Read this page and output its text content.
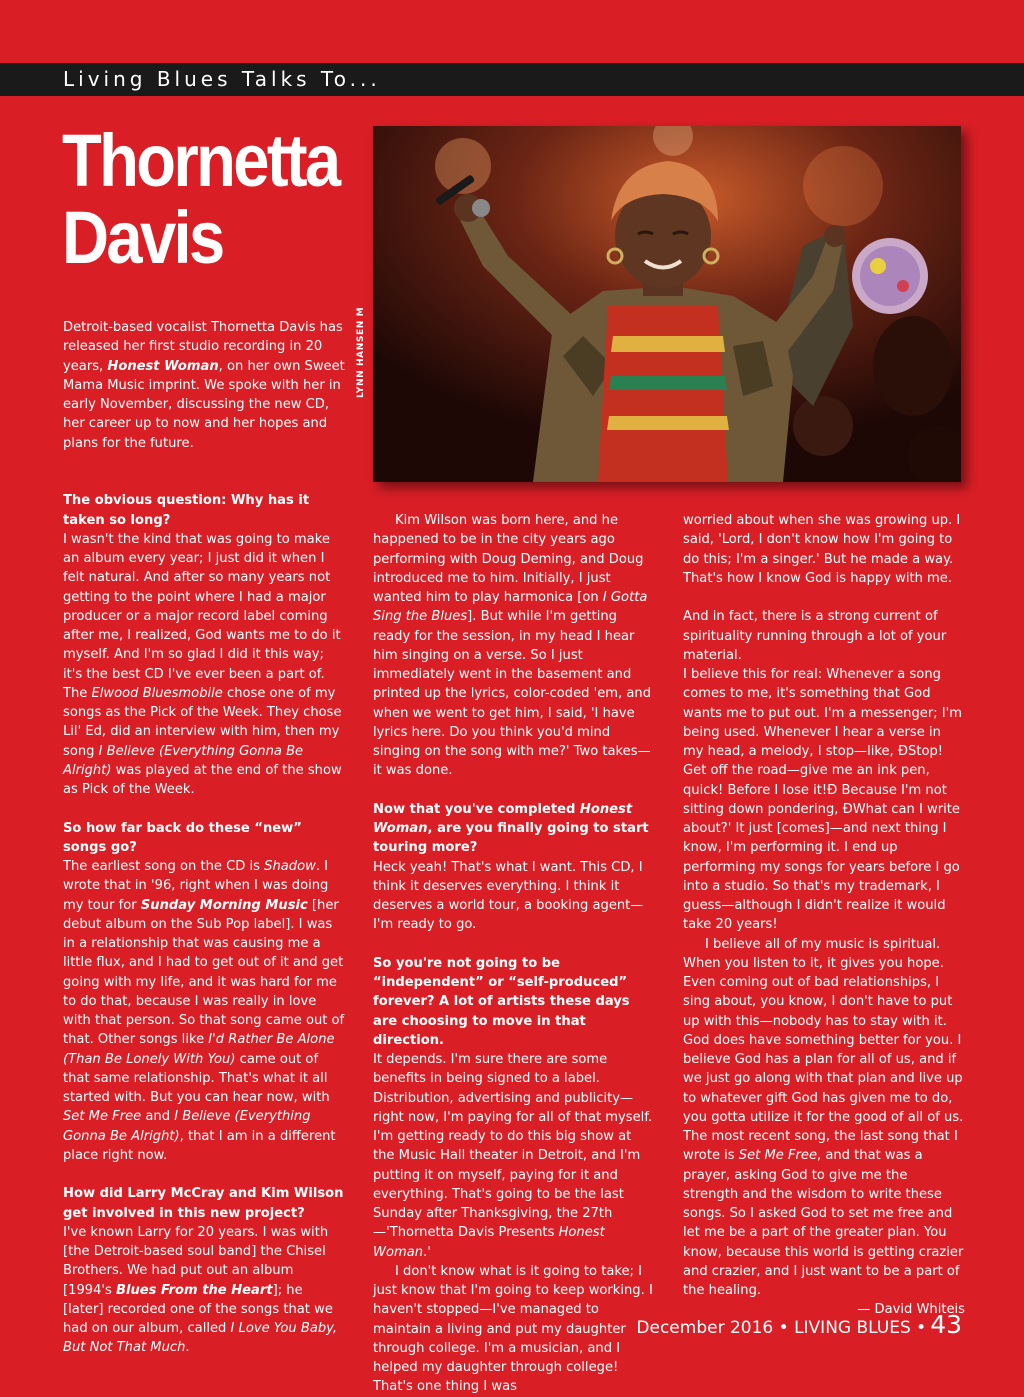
Living Blues Talks To...
Thornetta
Davis

Detroit-based vocalist Thornetta Davis has released her first studio recording in 20 years, Honest Woman, on her own Sweet Mama Music imprint. We spoke with her in early November, discussing the new CD, her career up to now and her hopes and plans for the future.

LYNN HANSEN M

The obvious question: Why has it taken so long?

I wasn't the kind that was going to make an album every year; I just did it when I felt natural. And after so many years not getting to the point where I had a major producer or a major record label coming after me, I realized, God wants me to do it myself. And I'm so glad I did it this way; it's the best CD I've ever been a part of. The Elwood Bluesmobile chose one of my songs as the Pick of the Week. They chose Lil' Ed, did an interview with him, then my song I Believe (Everything Gonna Be Alright) was played at the end of the show as Pick of the Week.

So how far back do these “new” songs go?

The earliest song on the CD is Shadow. I wrote that in '96, right when I was doing my tour for Sunday Morning Music [her debut album on the Sub Pop label]. I was in a relationship that was causing me a little flux, and I had to get out of it and get going with my life, and it was hard for me to do that, because I was really in love with that person. So that song came out of that. Other songs like I'd Rather Be Alone (Than Be Lonely With You) came out of that same relationship. That's what it all started with. But you can hear now, with Set Me Free and I Believe (Everything Gonna Be Alright), that I am in a different place right now.

How did Larry McCray and Kim Wilson get involved in this new project?

I've known Larry for 20 years. I was with [the Detroit-based soul band] the Chisel Brothers. We had put out an album [1994's Blues From the Heart]; he [later] recorded one of the songs that we had on our album, called I Love You Baby, But Not That Much.

Kim Wilson was born here, and he happened to be in the city years ago performing with Doug Deming, and Doug introduced me to him. Initially, I just wanted him to play harmonica [on I Gotta Sing the Blues]. But while I'm getting ready for the session, in my head I hear him singing on a verse. So I just immediately went in the basement and printed up the lyrics, color-coded 'em, and when we went to get him, I said, 'I have lyrics here. Do you think you'd mind singing on the song with me?' Two takes—it was done.

Now that you've completed Honest Woman, are you finally going to start touring more?

Heck yeah! That's what I want. This CD, I think it deserves everything. I think it deserves a world tour, a booking agent—I'm ready to go.

So you're not going to be “independent” or “self-produced” forever? A lot of artists these days are choosing to move in that direction.

It depends. I'm sure there are some benefits in being signed to a label. Distribution, advertising and publicity—right now, I'm paying for all of that myself. I'm getting ready to do this big show at the Music Hall theater in Detroit, and I'm putting it on myself, paying for it and everything. That's going to be the last Sunday after Thanksgiving, the 27th—'Thornetta Davis Presents Honest Woman.'

I don't know what is it going to take; I just know that I'm going to keep working. I haven't stopped—I've managed to maintain a living and put my daughter through college. I'm a musician, and I helped my daughter through college! That's one thing I was

worried about when she was growing up. I said, 'Lord, I don't know how I'm going to do this; I'm a singer.' But he made a way. That's how I know God is happy with me.

And in fact, there is a strong current of spirituality running through a lot of your material.

I believe this for real: Whenever a song comes to me, it's something that God wants me to put out. I'm a messenger; I'm being used. Whenever I hear a verse in my head, a melody, I stop—like, ÐStop! Get off the road—give me an ink pen, quick! Before I lose it!Ð Because I'm not sitting down pondering, ÐWhat can I write about?' It just [comes]—and next thing I know, I'm performing it. I end up performing my songs for years before I go into a studio. So that's my trademark, I guess—although I didn't realize it would take 20 years!

I believe all of my music is spiritual. When you listen to it, it gives you hope. Even coming out of bad relationships, I sing about, you know, I don't have to put up with this—nobody has to stay with it. God does have something better for you. I believe God has a plan for all of us, and if we just go along with that plan and live up to whatever gift God has given me to do, you gotta utilize it for the good of all of us. The most recent song, the last song that I wrote is Set Me Free, and that was a prayer, asking God to give me the strength and the wisdom to write these songs. So I asked God to set me free and let me be a part of the greater plan. You know, because this world is getting crazier and crazier, and I just want to be a part of the healing.

— David Whiteis

December 2016 • LIVING BLUES • 43
